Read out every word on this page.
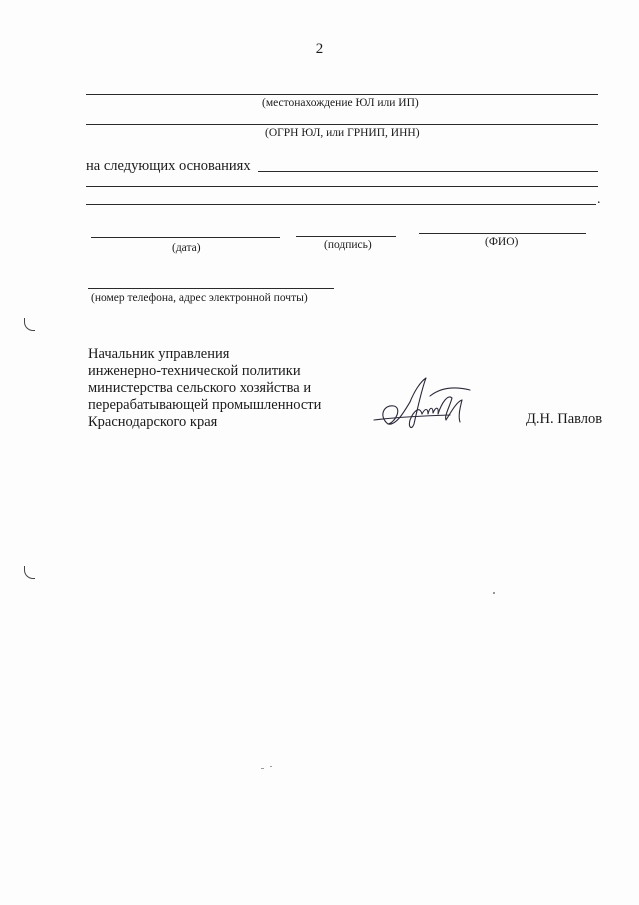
2
(местонахождение ЮЛ или ИП)
(ОГРН ЮЛ, или ГРНИП, ИНН)
на следующих основаниях
.
(дата)	(подпись)	(ФИО)
(номер телефона, адрес электронной почты)
Начальник управления
инженерно-технической политики
министерства сельского хозяйства и
перерабатывающей промышленности
Краснодарского края	Д.Н. Павлов
